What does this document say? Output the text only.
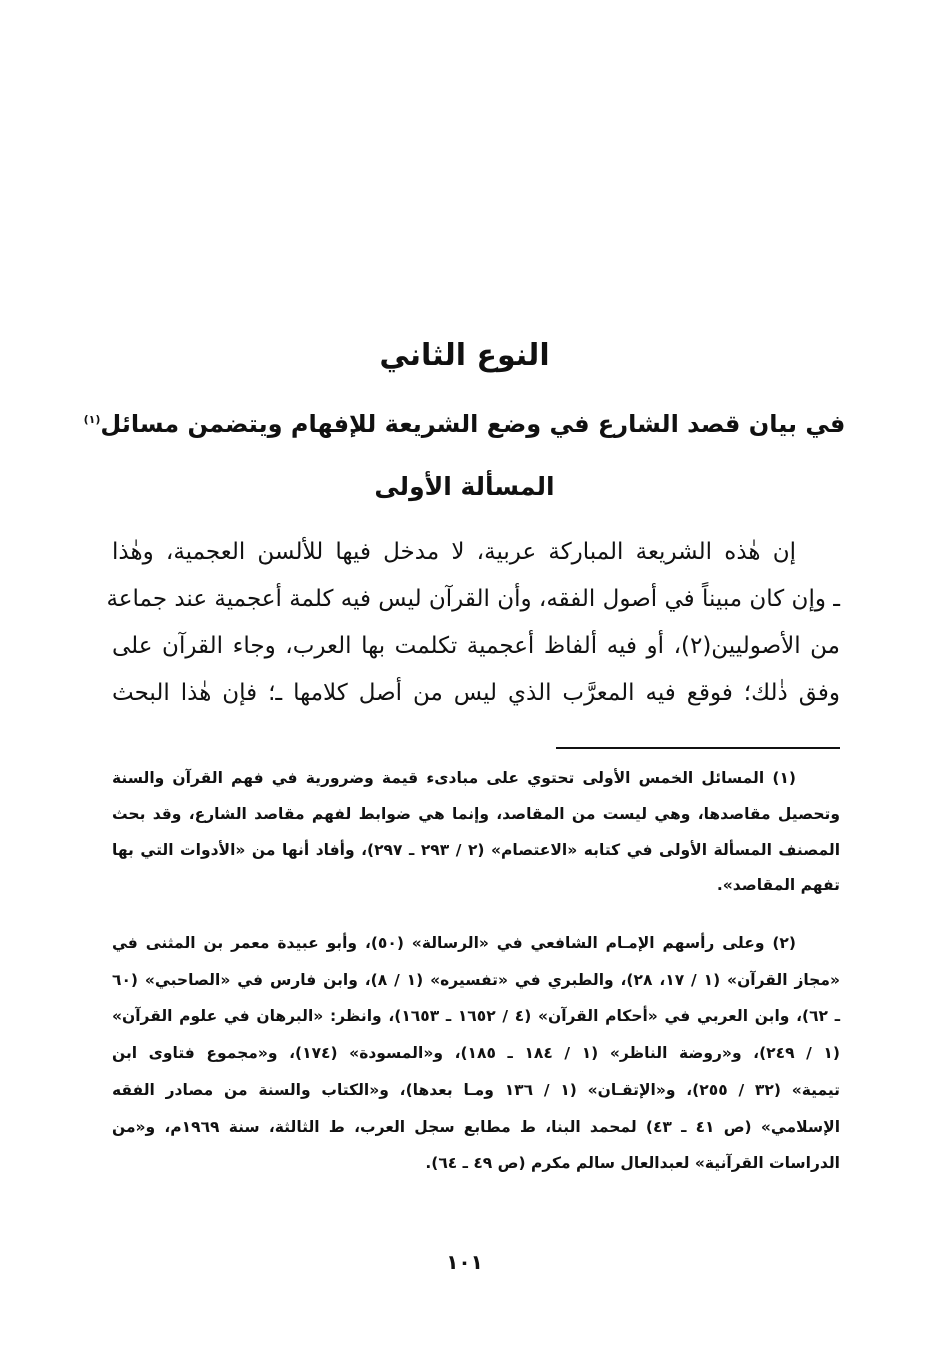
النوع الثاني
في بيان قصد الشارع في وضع الشريعة للإفهام ويتضمن مسائل$^{(١)}$
المسألة الأولى
إن هٰذه الشريعة المباركة عربية، لا مدخل فيها للألسن العجمية، وهٰذا
ـ وإن كان مبيناً في أصول الفقه، وأن القرآن ليس فيه كلمة أعجمية عند جماعة
من الأصوليين(٢)، أو فيه ألفاظ أعجمية تكلمت بها العرب، وجاء القرآن على
وفق ذٰلك؛ فوقع فيه المعرَّب الذي ليس من أصل كلامها ـ؛ فإن هٰذا البحث
(١) المسائل الخمس الأولى تحتوي على مبادىء قيمة وضرورية في فهم القرآن والسنة
وتحصيل مقاصدها، وهي ليست من المقاصد، وإنما هي ضوابط لفهم مقاصد الشارع، وقد بحث
المصنف المسألة الأولى في كتابه «الاعتصام» (٢ / ٢٩٣ ـ ٢٩٧)، وأفاد أنها من «الأدوات التي بها
تفهم المقاصد».
(٢) وعلى رأسهم الإمـام الشافعي في «الرسالة» (٥٠)، وأبو عبيدة معمر بن المثنى في
«مجاز القرآن» (١ / ١٧، ٢٨)، والطبري في «تفسيره» (١ / ٨)، وابن فارس في «الصاحبي» (٦٠
ـ ٦٢)، وابن العربي في «أحكام القرآن» (٤ / ١٦٥٢ ـ ١٦٥٣)، وانظر: «البرهان في علوم القرآن»
(١ / ٢٤٩)، و«روضة الناظر» (١ / ١٨٤ ـ ١٨٥)، و«المسودة» (١٧٤)، و«مجموع فتاوى ابن
تيمية» (٣٢ / ٢٥٥)، و«الإتقـان» (١ / ١٣٦ ومـا بعدها)، و«الكتاب والسنة من مصادر الفقه
الإسلامي» (ص ٤١ ـ ٤٣) لمحمد البنا، ط مطابع سجل العرب، ط الثالثة، سنة ١٩٦٩م، و«من
الدراسات القرآنية» لعبدالعال سالم مكرم (ص ٤٩ ـ ٦٤).
١٠١
